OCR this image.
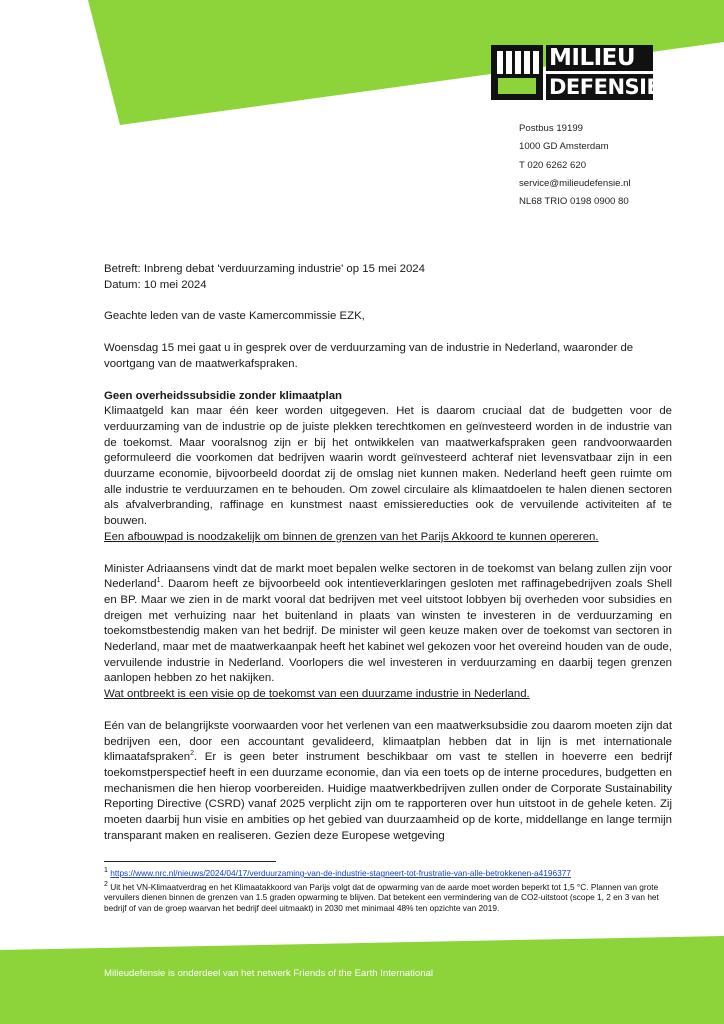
MILIEU
DEFENSIE
Postbus 19199
1000 GD Amsterdam
T 020 6262 620
service@milieudefensie.nl
NL68 TRIO 0198 0900 80

Betreft: Inbreng debat 'verduurzaming industrie' op 15 mei 2024

Datum: 10 mei 2024

Geachte leden van de vaste Kamercommissie EZK,

Woensdag 15 mei gaat u in gesprek over de verduurzaming van de industrie in Nederland, waaronder de voortgang van de maatwerkafspraken.

Geen overheidssubsidie zonder klimaatplan

Klimaatgeld kan maar één keer worden uitgegeven. Het is daarom cruciaal dat de budgetten voor de verduurzaming van de industrie op de juiste plekken terechtkomen en geïnvesteerd worden in de industrie van de toekomst. Maar vooralsnog zijn er bij het ontwikkelen van maatwerkafspraken geen randvoorwaarden geformuleerd die voorkomen dat bedrijven waarin wordt geïnvesteerd achteraf niet levensvatbaar zijn in een duurzame economie, bijvoorbeeld doordat zij de omslag niet kunnen maken. Nederland heeft geen ruimte om alle industrie te verduurzamen en te behouden. Om zowel circulaire als klimaatdoelen te halen dienen sectoren als afvalverbranding, raffinage en kunstmest naast emissiereducties ook de vervuilende activiteiten af te bouwen.
Een afbouwpad is noodzakelijk om binnen de grenzen van het Parijs Akkoord te kunnen opereren.

Minister Adriaansens vindt dat de markt moet bepalen welke sectoren in de toekomst van belang zullen zijn voor Nederland$^1$. Daarom heeft ze bijvoorbeeld ook intentieverklaringen gesloten met raffinagebedrijven zoals Shell en BP. Maar we zien in de markt vooral dat bedrijven met veel uitstoot lobbyen bij overheden voor subsidies en dreigen met verhuizing naar het buitenland in plaats van winsten te investeren in de verduurzaming en toekomstbestendig maken van het bedrijf. De minister wil geen keuze maken over de toekomst van sectoren in Nederland, maar met de maatwerkaanpak heeft het kabinet wel gekozen voor het overeind houden van de oude, vervuilende industrie in Nederland. Voorlopers die wel investeren in verduurzaming en daarbij tegen grenzen aanlopen hebben zo het nakijken.
Wat ontbreekt is een visie op de toekomst van een duurzame industrie in Nederland.

Eén van de belangrijkste voorwaarden voor het verlenen van een maatwerksubsidie zou daarom moeten zijn dat bedrijven een, door een accountant gevalideerd, klimaatplan hebben dat in lijn is met internationale klimaatafspraken$^2$. Er is geen beter instrument beschikbaar om vast te stellen in hoeverre een bedrijf toekomstperspectief heeft in een duurzame economie, dan via een toets op de interne procedures, budgetten en mechanismen die hen hierop voorbereiden. Huidige maatwerkbedrijven zullen onder de Corporate Sustainability Reporting Directive (CSRD) vanaf 2025 verplicht zijn om te rapporteren over hun uitstoot in de gehele keten. Zij moeten daarbij hun visie en ambities op het gebied van duurzaamheid op de korte, middellange en lange termijn transparant maken en realiseren. Gezien deze Europese wetgeving

$^1$ https://www.nrc.nl/nieuws/2024/04/17/verduurzaming-van-de-industrie-stagneert-tot-frustratie-van-alle-betrokkenen-a4196377

$^2$ Uit het VN-Klimaatverdrag en het Klimaatakkoord van Parijs volgt dat de opwarming van de aarde moet worden beperkt tot 1,5 °C. Plannen van grote vervuilers dienen binnen de grenzen van 1.5 graden opwarming te blijven. Dat betekent een vermindering van de CO2-uitstoot (scope 1, 2 en 3 van het bedrijf of van de groep waarvan het bedrijf deel uitmaakt) in 2030 met minimaal 48% ten opzichte van 2019.

Milieudefensie is onderdeel van het netwerk Friends of the Earth International
